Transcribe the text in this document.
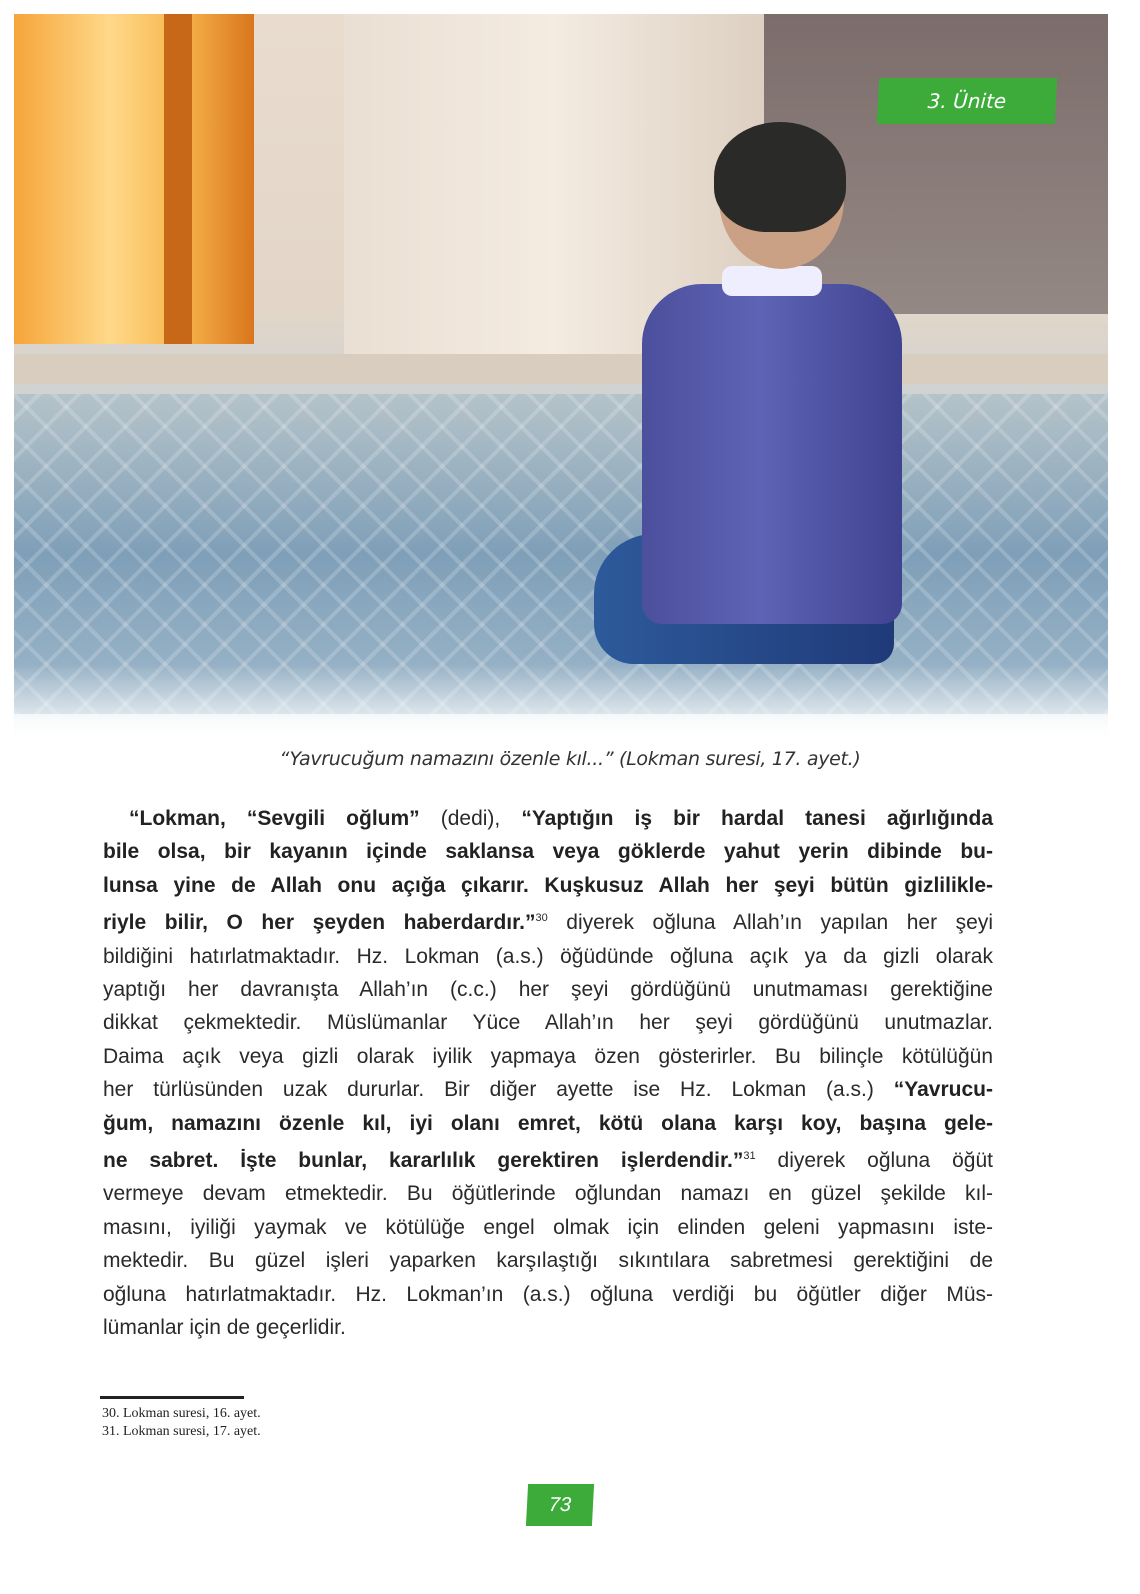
3. Ünite
“Yavrucuğum namazını özenle kıl...” (Lokman suresi, 17. ayet.)
“Lokman, “Sevgili oğlum” (dedi), “Yaptığın iş bir hardal tanesi ağırlığında
bile olsa, bir kayanın içinde saklansa veya göklerde yahut yerin dibinde bu-
lunsa yine de Allah onu açığa çıkarır. Kuşkusuz Allah her şeyi bütün gizlilikle-
riyle bilir, O her şeyden haberdardır.”$^{30}$ diyerek oğluna Allah’ın yapılan her şeyi
bildiğini hatırlatmaktadır. Hz. Lokman (a.s.) öğüdünde oğluna açık ya da gizli olarak
yaptığı her davranışta Allah’ın (c.c.) her şeyi gördüğünü unutmaması gerektiğine
dikkat çekmektedir. Müslümanlar Yüce Allah’ın her şeyi gördüğünü unutmazlar.
Daima açık veya gizli olarak iyilik yapmaya özen gösterirler. Bu bilinçle kötülüğün
her türlüsünden uzak dururlar. Bir diğer ayette ise Hz. Lokman (a.s.) “Yavrucu-
ğum, namazını özenle kıl, iyi olanı emret, kötü olana karşı koy, başına gele-
ne sabret. İşte bunlar, kararlılık gerektiren işlerdendir.”$^{31}$ diyerek oğluna öğüt
vermeye devam etmektedir. Bu öğütlerinde oğlundan namazı en güzel şekilde kıl-
masını, iyiliği yaymak ve kötülüğe engel olmak için elinden geleni yapmasını iste-
mektedir. Bu güzel işleri yaparken karşılaştığı sıkıntılara sabretmesi gerektiğini de
oğluna hatırlatmaktadır. Hz. Lokman’ın (a.s.) oğluna verdiği bu öğütler diğer Müs-
lümanlar için de geçerlidir.
30. Lokman suresi, 16. ayet.
31. Lokman suresi, 17. ayet.
73
